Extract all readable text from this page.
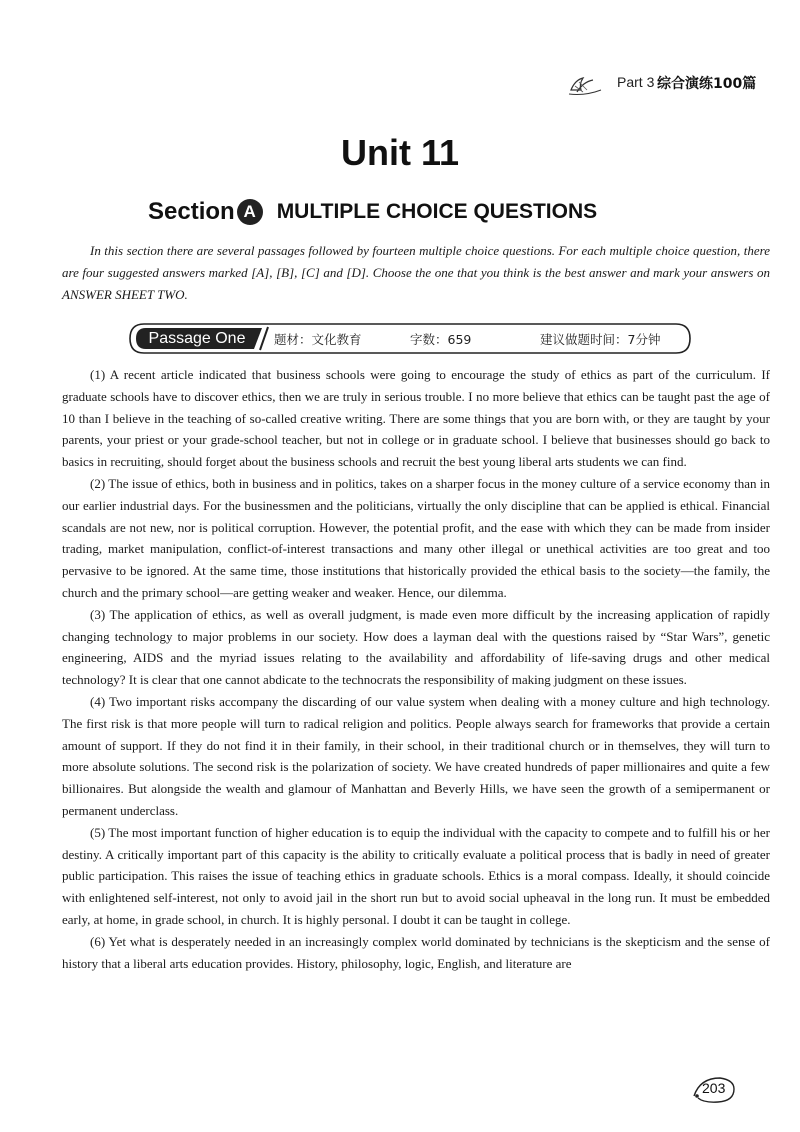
Part 3 综合演练100篇
Unit 11
Section A MULTIPLE CHOICE QUESTIONS

In this section there are several passages followed by fourteen multiple choice questions. For each multiple choice question, there are four suggested answers marked [A], [B], [C] and [D]. Choose the one that you think is the best answer and mark your answers on ANSWER SHEET TWO.

Passage One	题材：文化教育	字数：659	建议做题时间：7分钟

(1) A recent article indicated that business schools were going to encourage the study of ethics as part of the curriculum. If graduate schools have to discover ethics, then we are truly in serious trouble. I no more believe that ethics can be taught past the age of 10 than I believe in the teaching of so-called creative writing. There are some things that you are born with, or they are taught by your parents, your priest or your grade-school teacher, but not in college or in graduate school. I believe that businesses should go back to basics in recruiting, should forget about the business schools and recruit the best young liberal arts students we can find.

(2) The issue of ethics, both in business and in politics, takes on a sharper focus in the money culture of a service economy than in our earlier industrial days. For the businessmen and the politicians, virtually the only discipline that can be applied is ethical. Financial scandals are not new, nor is political corruption. However, the potential profit, and the ease with which they can be made from insider trading, market manipulation, conflict-of-interest transactions and many other illegal or unethical activities are too great and too pervasive to be ignored. At the same time, those institutions that historically provided the ethical basis to the society—the family, the church and the primary school—are getting weaker and weaker. Hence, our dilemma.

(3) The application of ethics, as well as overall judgment, is made even more difficult by the increasing application of rapidly changing technology to major problems in our society. How does a layman deal with the questions raised by “Star Wars”, genetic engineering, AIDS and the myriad issues relating to the availability and affordability of life-saving drugs and other medical technology? It is clear that one cannot abdicate to the technocrats the responsibility of making judgment on these issues.

(4) Two important risks accompany the discarding of our value system when dealing with a money culture and high technology. The first risk is that more people will turn to radical religion and politics. People always search for frameworks that provide a certain amount of support. If they do not find it in their family, in their school, in their traditional church or in themselves, they will turn to more absolute solutions. The second risk is the polarization of society. We have created hundreds of paper millionaires and quite a few billionaires. But alongside the wealth and glamour of Manhattan and Beverly Hills, we have seen the growth of a semipermanent or permanent underclass.

(5) The most important function of higher education is to equip the individual with the capacity to compete and to fulfill his or her destiny. A critically important part of this capacity is the ability to critically evaluate a political process that is badly in need of greater public participation. This raises the issue of teaching ethics in graduate schools. Ethics is a moral compass. Ideally, it should coincide with enlightened self-interest, not only to avoid jail in the short run but to avoid social upheaval in the long run. It must be embedded early, at home, in grade school, in church. It is highly personal. I doubt it can be taught in college.

(6) Yet what is desperately needed in an increasingly complex world dominated by technicians is the skepticism and the sense of history that a liberal arts education provides. History, philosophy, logic, English, and literature are

203
